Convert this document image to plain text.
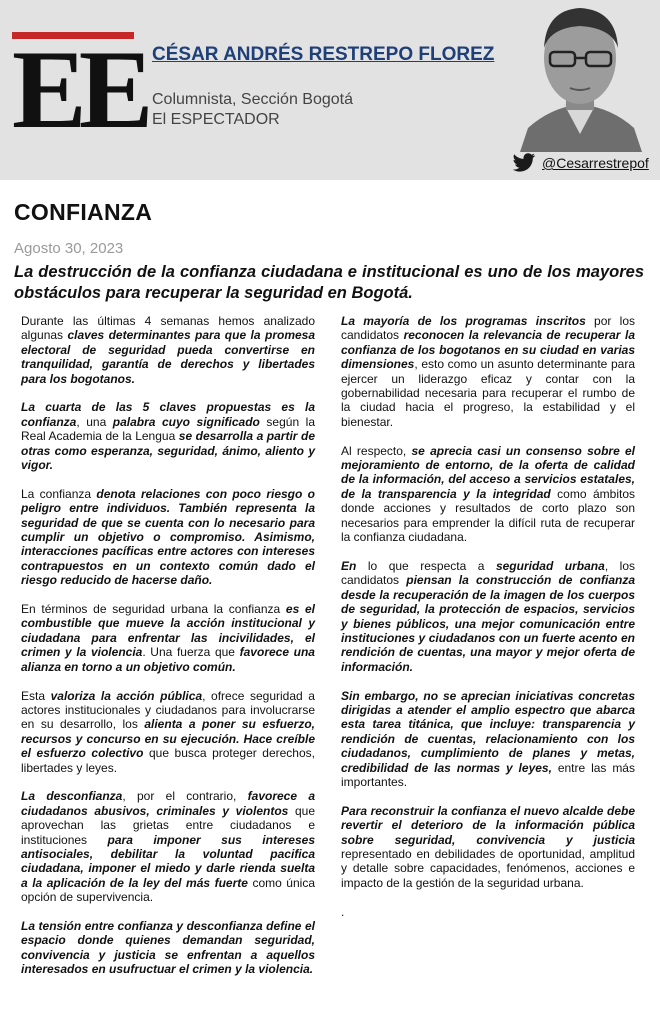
EE CÉSAR ANDRÉS RESTREPO FLOREZ
Columnista, Sección Bogotá
El ESPECTADOR
@Cesarrestrepof
CONFIANZA
Agosto 30, 2023
La destrucción de la confianza ciudadana e institucional es uno de los mayores obstáculos para recuperar la seguridad en Bogotá.

Durante las últimas 4 semanas hemos analizado algunas claves determinantes para que la promesa electoral de seguridad pueda convertirse en tranquilidad, garantía de derechos y libertades para los bogotanos.

La cuarta de las 5 claves propuestas es la confianza, una palabra cuyo significado según la Real Academia de la Lengua se desarrolla a partir de otras como esperanza, seguridad, ánimo, aliento y vigor.

La confianza denota relaciones con poco riesgo o peligro entre individuos. También representa la seguridad de que se cuenta con lo necesario para cumplir un objetivo o compromiso. Asimismo, interacciones pacíficas entre actores con intereses contrapuestos en un contexto común dado el riesgo reducido de hacerse daño.

En términos de seguridad urbana la confianza es el combustible que mueve la acción institucional y ciudadana para enfrentar las incivilidades, el crimen y la violencia. Una fuerza que favorece una alianza en torno a un objetivo común.

Esta valoriza la acción pública, ofrece seguridad a actores institucionales y ciudadanos para involucrarse en su desarrollo, los alienta a poner su esfuerzo, recursos y concurso en su ejecución. Hace creíble el esfuerzo colectivo que busca proteger derechos, libertades y leyes.

La desconfianza, por el contrario, favorece a ciudadanos abusivos, criminales y violentos que aprovechan las grietas entre ciudadanos e instituciones para imponer sus intereses antisociales, debilitar la voluntad pacifica ciudadana, imponer el miedo y darle rienda suelta a la aplicación de la ley del más fuerte como única opción de supervivencia.

La tensión entre confianza y desconfianza define el espacio donde quienes demandan seguridad, convivencia y justicia se enfrentan a aquellos interesados en usufructuar el crimen y la violencia.

La mayoría de los programas inscritos por los candidatos reconocen la relevancia de recuperar la confianza de los bogotanos en su ciudad en varias dimensiones, esto como un asunto determinante para ejercer un liderazgo eficaz y contar con la gobernabilidad necesaria para recuperar el rumbo de la ciudad hacia el progreso, la estabilidad y el bienestar.

Al respecto, se aprecia casi un consenso sobre el mejoramiento de entorno, de la oferta de calidad de la información, del acceso a servicios estatales, de la transparencia y la integridad como ámbitos donde acciones y resultados de corto plazo son necesarios para emprender la difícil ruta de recuperar la confianza ciudadana.

En lo que respecta a seguridad urbana, los candidatos piensan la construcción de confianza desde la recuperación de la imagen de los cuerpos de seguridad, la protección de espacios, servicios y bienes públicos, una mejor comunicación entre instituciones y ciudadanos con un fuerte acento en rendición de cuentas, una mayor y mejor oferta de información.

Sin embargo, no se aprecian iniciativas concretas dirigidas a atender el amplio espectro que abarca esta tarea titánica, que incluye: transparencia y rendición de cuentas, relacionamiento con los ciudadanos, cumplimiento de planes y metas, credibilidad de las normas y leyes, entre las más importantes.

Para reconstruir la confianza el nuevo alcalde debe revertir el deterioro de la información pública sobre seguridad, convivencia y justicia representado en debilidades de oportunidad, amplitud y detalle sobre capacidades, fenómenos, acciones e impacto de la gestión de la seguridad urbana.

.
